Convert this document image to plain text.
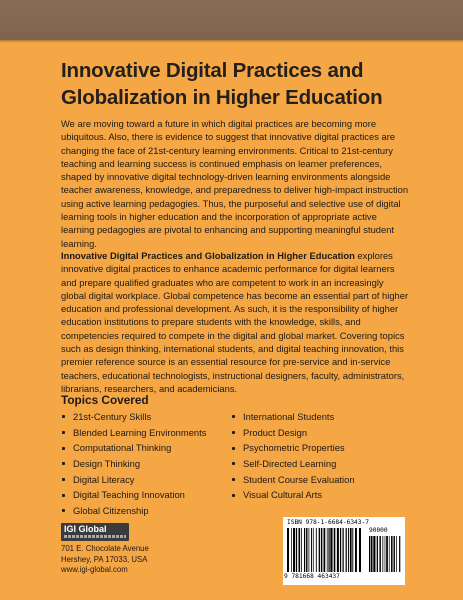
Innovative Digital Practices and Globalization in Higher Education

We are moving toward a future in which digital practices are becoming more ubiquitous. Also, there is evidence to suggest that innovative digital practices are changing the face of 21st-century learning environments. Critical to 21st-century teaching and learning success is continued emphasis on learner preferences, shaped by innovative digital technology-driven learning environments alongside teacher awareness, knowledge, and preparedness to deliver high-impact instruction using active learning pedagogies. Thus, the purposeful and selective use of digital learning tools in higher education and the incorporation of appropriate active learning pedagogies are pivotal to enhancing and supporting meaningful student learning.

Innovative Digital Practices and Globalization in Higher Education explores innovative digital practices to enhance academic performance for digital learners and prepare qualified graduates who are competent to work in an increasingly global digital workplace. Global competence has become an essential part of higher education and professional development. As such, it is the responsibility of higher education institutions to prepare students with the knowledge, skills, and competencies required to compete in the digital and global market. Covering topics such as design thinking, international students, and digital teaching innovation, this premier reference source is an essential resource for pre-service and in-service teachers, educational technologists, instructional designers, faculty, administrators, librarians, researchers, and academicians.

Topics Covered
21st-Century Skills
Blended Learning Environments
Computational Thinking
Design Thinking
Digital Literacy
Digital Teaching Innovation
Global Citizenship
International Students
Product Design
Psychometric Properties
Self-Directed Learning
Student Course Evaluation
Visual Cultural Arts
IGI Global
701 E. Chocolate Avenue
Hershey, PA 17033, USA
www.igi-global.com
ISBN 978-1-6684-6343-7
90000
9 781668 463437
